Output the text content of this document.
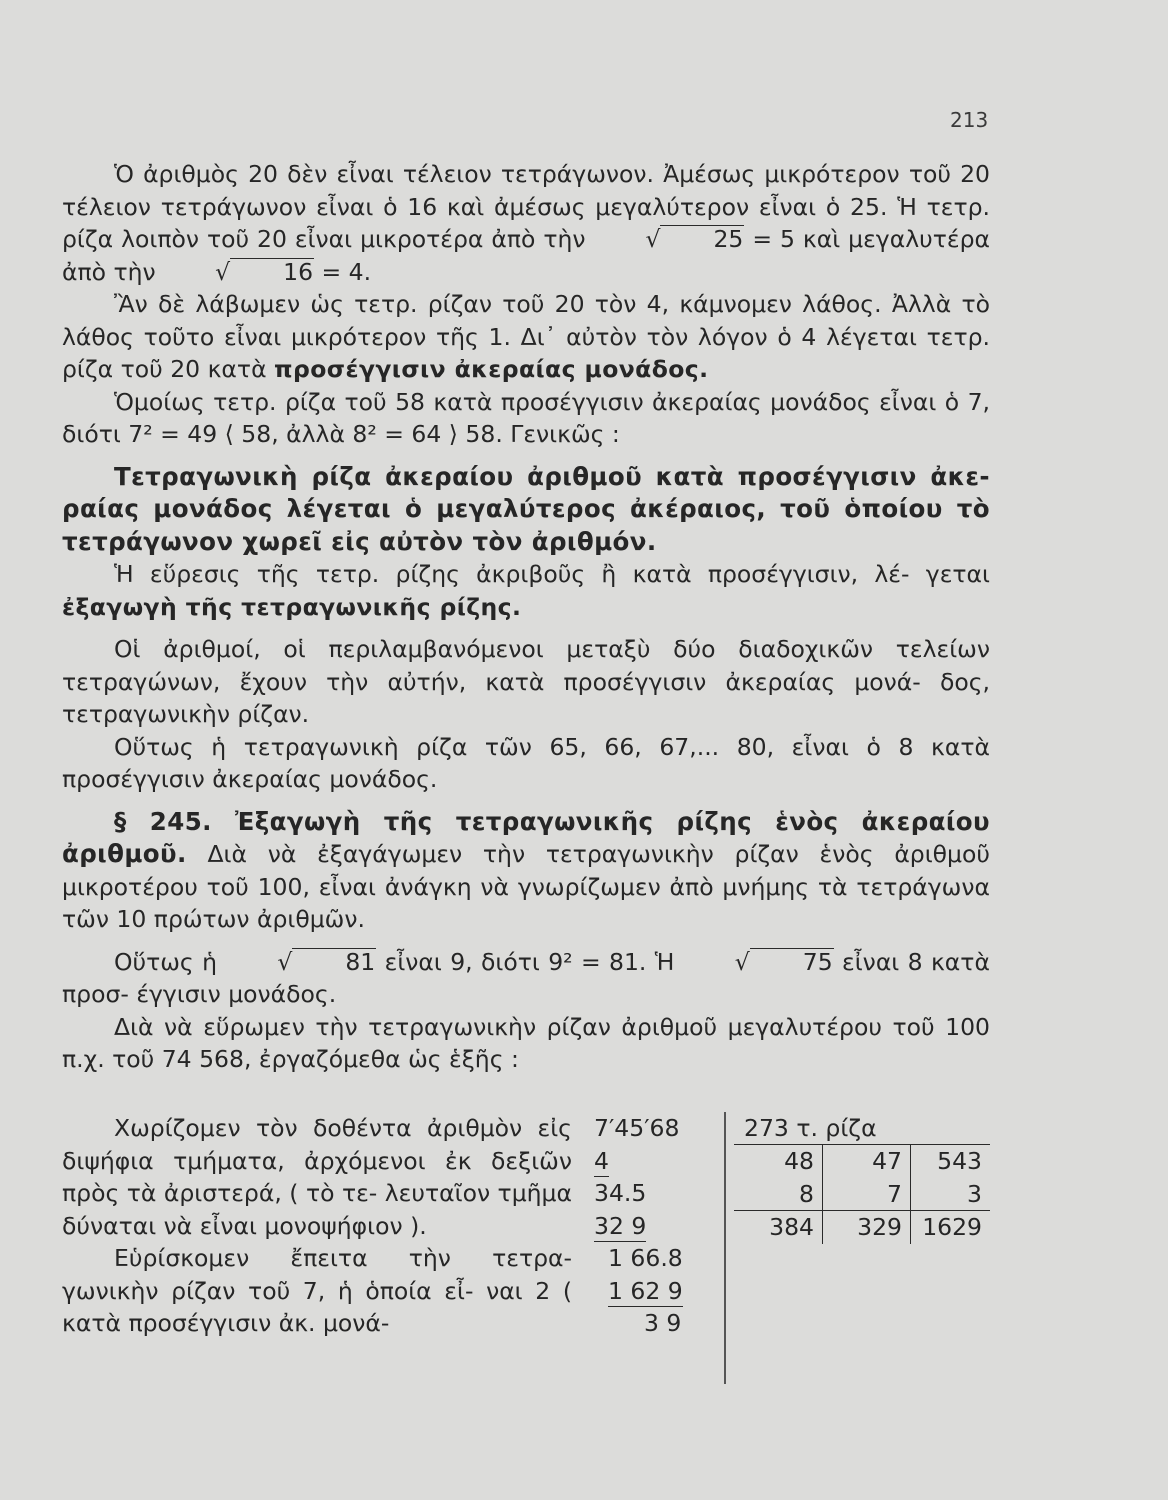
213

Ὁ ἀριθμὸς 20 δὲν εἶναι τέλειον τετράγωνον. Ἀμέσως μικρότερον τοῦ 20 τέλειον τετράγωνον εἶναι ὁ 16 καὶ ἀμέσως μεγαλύτερον εἶναι ὁ 25. Ἡ τετρ. ρίζα λοιπὸν τοῦ 20 εἶναι μικροτέρα ἀπὸ τὴν	√ 25 = 5 καὶ μεγαλυτέρα ἀπὸ τὴν	√ 16 = 4.

Ἂν δὲ λάβωμεν ὡς τετρ. ρίζαν τοῦ 20 τὸν 4, κάμνομεν λάθος. Ἀλλὰ τὸ λάθος τοῦτο εἶναι μικρότερον τῆς 1. Δι᾽ αὐτὸν τὸν λόγον ὁ 4 λέγεται τετρ. ρίζα τοῦ 20 κατὰ προσέγγισιν ἀκεραίας μονάδος.

Ὁμοίως τετρ. ρίζα τοῦ 58 κατὰ προσέγγισιν ἀκεραίας μονάδος εἶναι ὁ 7, διότι 7² = 49 ⟨ 58, ἀλλὰ 8² = 64 ⟩ 58. Γενικῶς :

Τετραγωνικὴ ρίζα ἀκεραίου ἀριθμοῦ κατὰ προσέγγισιν ἀκε- ραίας μονάδος λέγεται ὁ μεγαλύτερος ἀκέραιος, τοῦ ὁποίου τὸ τετράγωνον χωρεῖ εἰς αὐτὸν τὸν ἀριθμόν.

Ἡ εὕρεσις τῆς τετρ. ρίζης ἀκριβοῦς ἢ κατὰ προσέγγισιν, λέ- γεται ἐξαγωγὴ τῆς τετραγωνικῆς ρίζης.

Οἱ ἀριθμοί, οἱ περιλαμβανόμενοι μεταξὺ δύο διαδοχικῶν τελείων τετραγώνων, ἔχουν τὴν αὐτήν, κατὰ προσέγγισιν ἀκεραίας μονά- δος, τετραγωνικὴν ρίζαν.

Οὕτως ἡ τετραγωνικὴ ρίζα τῶν 65, 66, 67,... 80, εἶναι ὁ 8 κατὰ προσέγγισιν ἀκεραίας μονάδος.

§ 245. Ἐξαγωγὴ τῆς τετραγωνικῆς ρίζης ἑνὸς ἀκεραίου ἀριθμοῦ. Διὰ νὰ ἐξαγάγωμεν τὴν τετραγωνικὴν ρίζαν ἑνὸς ἀριθμοῦ μικροτέρου τοῦ 100, εἶναι ἀνάγκη νὰ γνωρίζωμεν ἀπὸ μνήμης τὰ τετράγωνα τῶν 10 πρώτων ἀριθμῶν.

Οὕτως ἡ	√ 81 εἶναι 9, διότι 9² = 81. Ἡ	√ 75 εἶναι 8 κατὰ προσ- έγγισιν μονάδος.

Διὰ νὰ εὕρωμεν τὴν τετραγωνικὴν ρίζαν ἀριθμοῦ μεγαλυτέρου τοῦ 100 π.χ. τοῦ 74 568, ἐργαζόμεθα ὡς ἑξῆς :

Χωρίζομεν τὸν δοθέντα ἀριθμὸν εἰς διψήφια τμήματα, ἀρχόμενοι ἐκ δεξιῶν πρὸς τὰ ἀριστερά, ( τὸ τε- λευταῖον τμῆμα δύναται νὰ εἶναι μονοψήφιον ).

Εὑρίσκομεν ἔπειτα τὴν τετρα- γωνικὴν ρίζαν τοῦ 7, ἡ ὁποία εἶ- ναι 2 ( κατὰ προσέγγισιν ἀκ. μονά-

7′45′68
4
34.5
32 9
1 66.8
1 62 9
3 9
273 τ. ρίζα
48	47	543
8	7	3
384	329 1629
